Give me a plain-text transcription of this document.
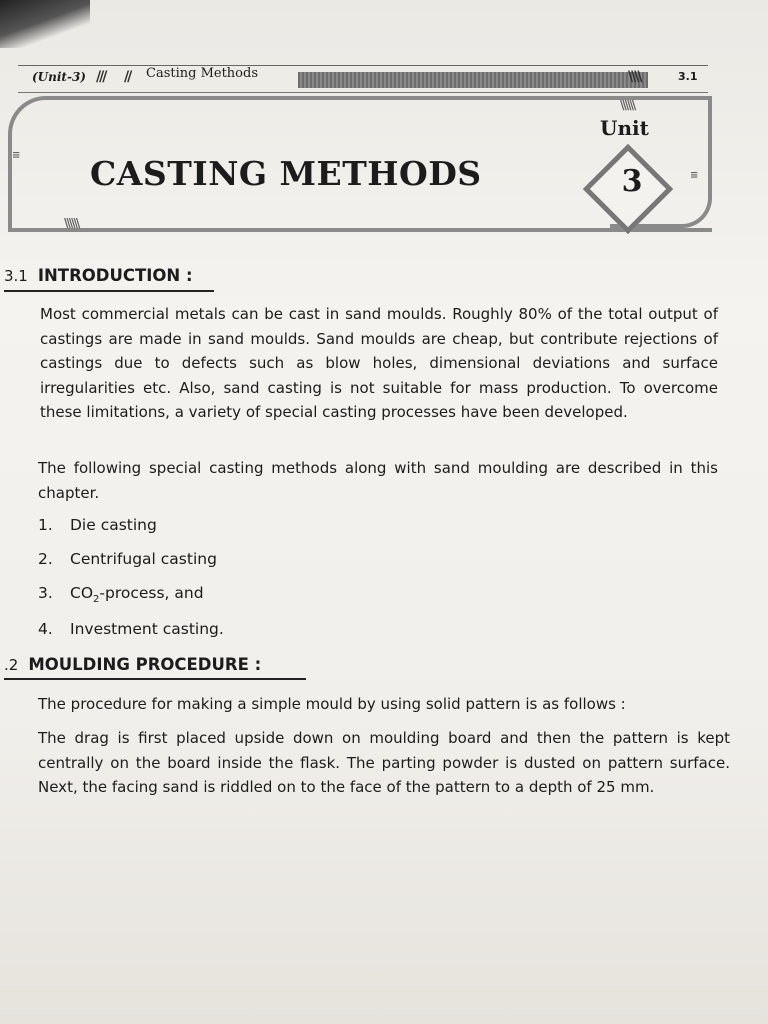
(Unit-3) /// // Casting Methods	\\\\	3.1
\\\\\\
\\\\\\
≡
≡
CASTING METHODS
Unit
3
3.1 INTRODUCTION :
Most commercial metals can be cast in sand moulds. Roughly 80% of the total output of castings are made in sand moulds. Sand moulds are cheap, but contribute rejections of castings due to defects such as blow holes, dimensional deviations and surface irregularities etc. Also, sand casting is not suitable for mass production. To overcome these limitations, a variety of special casting processes have been developed.
The following special casting methods along with sand moulding are described in this chapter.
1. Die casting
2. Centrifugal casting
3. $CO_2$-process, and
4. Investment casting.
.2 MOULDING PROCEDURE :
The procedure for making a simple mould by using solid pattern is as follows :
The drag is first placed upside down on moulding board and then the pattern is kept centrally on the board inside the flask. The parting powder is dusted on pattern surface. Next, the facing sand is riddled on to the face of the pattern to a depth of 25 mm.
